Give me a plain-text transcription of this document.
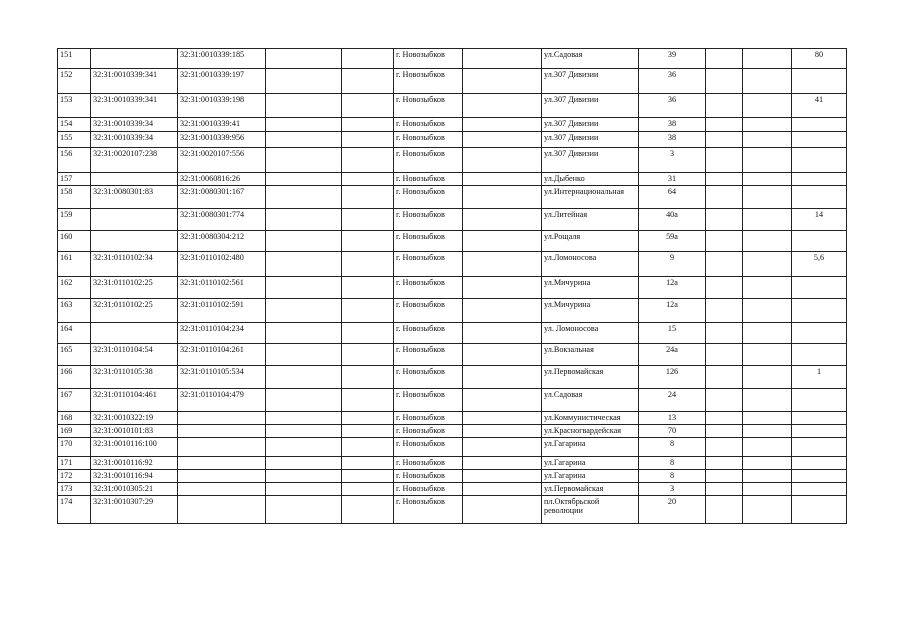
151		32:31:0010339:185			г. Новозыбков		ул.Садовая	39			80
152	32:31:0010339:341	32:31:0010339:197			г. Новозыбков		ул.307 Дивизии	36			
153	32:31:0010339:341	32:31:0010339:198			г. Новозыбков		ул.307 Дивизии	36			41
154	32:31:0010339:34	32:31:0010339:41			г. Новозыбков		ул.307 Дивизии	38			
155	32:31:0010339:34	32:31:0010339:956			г. Новозыбков		ул.307 Дивизии	38			
156	32:31:0020107:238	32:31:0020107:556			г. Новозыбков		ул.307 Дивизии	3			
157		32:31:0060816:26			г. Новозыбков		ул.Дыбенко	31			
158	32:31:0080301:83	32:31:0080301:167			г. Новозыбков		ул.Интернациональная	64			
159		32:31:0080301:774			г. Новозыбков		ул.Литейная	40а			14
160		32:31:0080304:212			г. Новозыбков		ул.Рощаля	59а			
161	32:31:0110102:34	32:31:0110102:480			г. Новозыбков		ул.Ломоносова	9			5,6
162	32:31:0110102:25	32:31:0110102:561			г. Новозыбков		ул.Мичурина	12а			
163	32:31:0110102:25	32:31:0110102:591			г. Новозыбков		ул.Мичурина	12а			
164		32:31:0110104:234			г. Новозыбков		ул. Ломоносова	15			
165	32:31:0110104:54	32:31:0110104:261			г. Новозыбков		ул.Вокзальная	24а			
166	32:31:0110105:38	32:31:0110105:534			г. Новозыбков		ул.Первомайская	126			1
167	32:31:0110104:461	32:31:0110104:479			г. Новозыбков		ул.Садовая	24			
168	32:31:0010322:19				г. Новозыбков		ул.Коммунистическая	13			
169	32:31:0010101:83				г. Новозыбков		ул.Красногвардейская	70			
170	32:31:0010116:100				г. Новозыбков		ул.Гагарина	8			
171	32:31:0010116:92				г. Новозыбков		ул.Гагарина	8			
172	32:31:0010116:94				г. Новозыбков		ул.Гагарина	8			
173	32:31:0010305:21				г. Новозыбков		ул.Первомайская	3			
174	32:31:0010307:29				г. Новозыбков		пл.Октябрьской революции	20			
